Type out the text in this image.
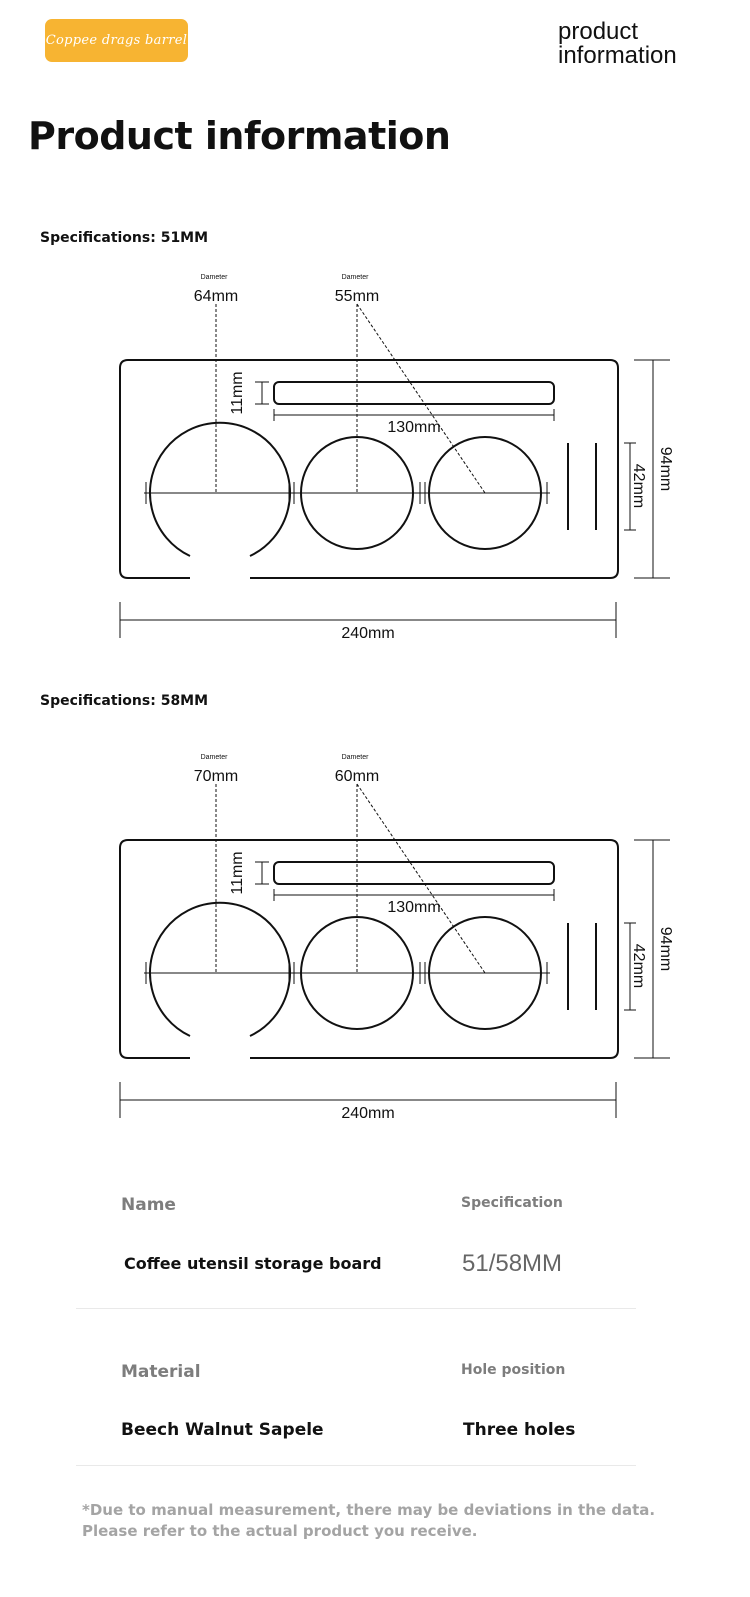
Coppee drags barrel	product
information
Product information
Specifications: 51MM
Dameter	Dameter
64mm	55mm
11mm
130mm
94mm
42mm
240mm
Specifications: 58MM
Dameter	Dameter
70mm	60mm
11mm
130mm
94mm
42mm
240mm
Name	Specification
Coffee utensil storage board	51/58MM
Material	Hole position
Beech Walnut Sapele	Three holes
*Due to manual measurement, there may be deviations in the data.
Please refer to the actual product you receive.
